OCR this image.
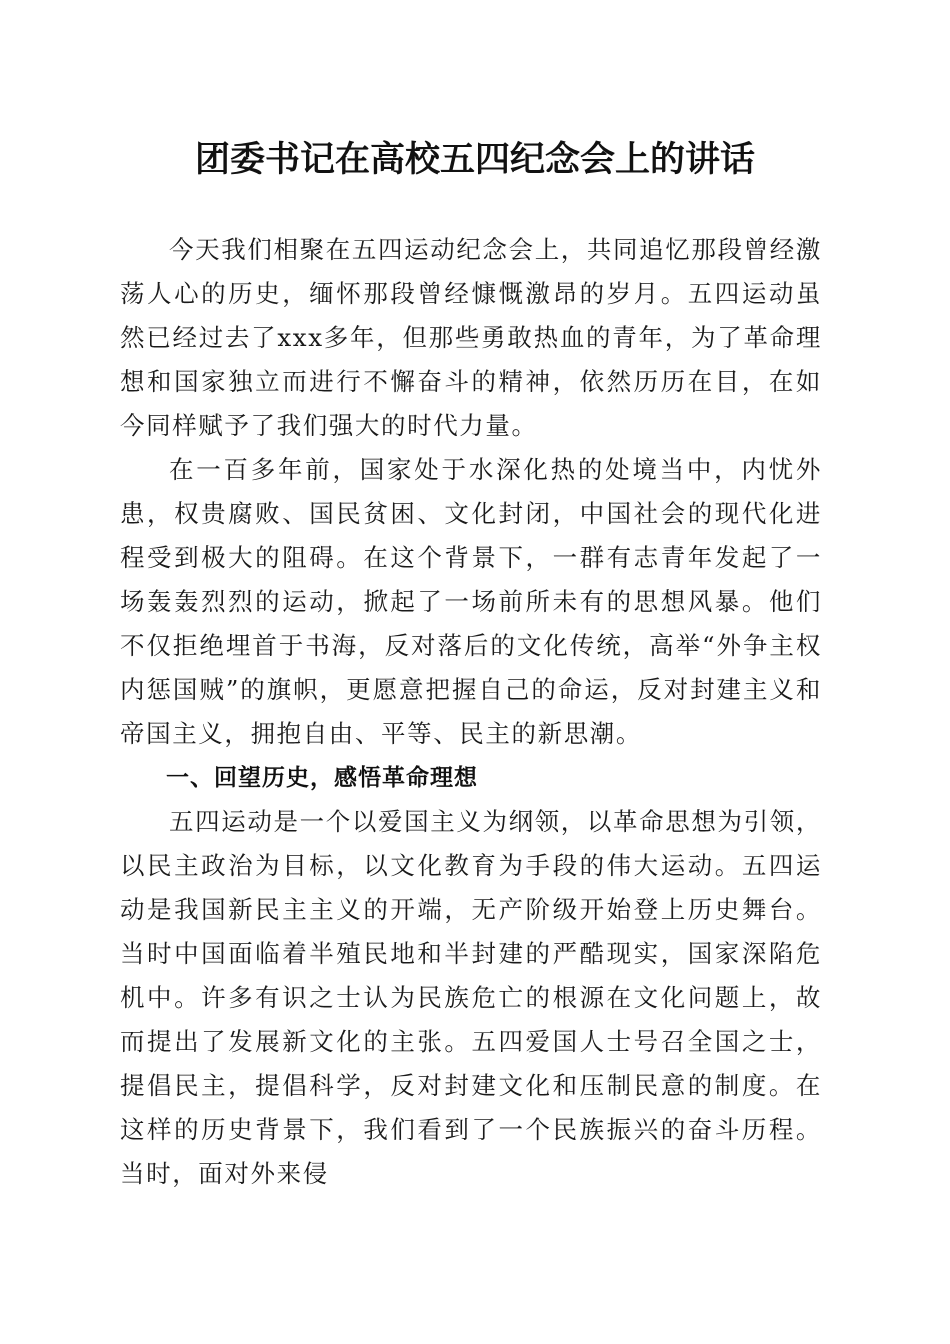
团委书记在高校五四纪念会上的讲话

今天我们相聚在五四运动纪念会上，共同追忆那段曾经激荡人心的历史，缅怀那段曾经慷慨激昂的岁月。五四运动虽然已经过去了xxx多年，但那些勇敢热血的青年，为了革命理想和国家独立而进行不懈奋斗的精神，依然历历在目，在如今同样赋予了我们强大的时代力量。

在一百多年前，国家处于水深化热的处境当中，内忧外患，权贵腐败、国民贫困、文化封闭，中国社会的现代化进程受到极大的阻碍。在这个背景下，一群有志青年发起了一场轰轰烈烈的运动，掀起了一场前所未有的思想风暴。他们不仅拒绝埋首于书海，反对落后的文化传统，高举“外争主权内惩国贼”的旗帜，更愿意把握自己的命运，反对封建主义和帝国主义，拥抱自由、平等、民主的新思潮。

一、回望历史，感悟革命理想

五四运动是一个以爱国主义为纲领，以革命思想为引领，以民主政治为目标，以文化教育为手段的伟大运动。五四运动是我国新民主主义的开端，无产阶级开始登上历史舞台。当时中国面临着半殖民地和半封建的严酷现实，国家深陷危机中。许多有识之士认为民族危亡的根源在文化问题上，故而提出了发展新文化的主张。五四爱国人士号召全国之士，提倡民主，提倡科学，反对封建文化和压制民意的制度。在这样的历史背景下，我们看到了一个民族振兴的奋斗历程。当时，面对外来侵
